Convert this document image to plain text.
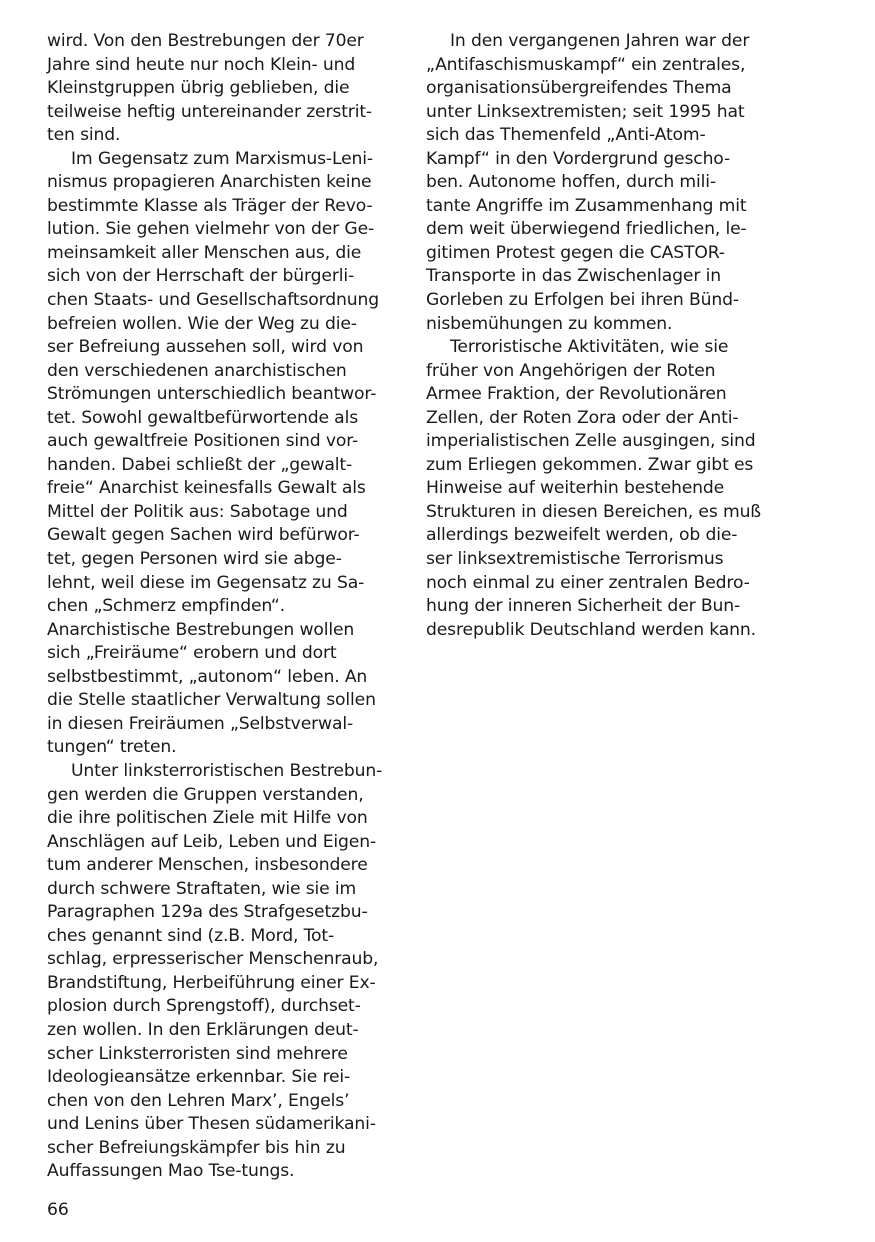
wird. Von den Bestrebungen der 70er
Jahre sind heute nur noch Klein- und
Kleinstgruppen übrig geblieben, die
teilweise heftig untereinander zerstrit-
ten sind.
Im Gegensatz zum Marxismus-Leni-
nismus propagieren Anarchisten keine
bestimmte Klasse als Träger der Revo-
lution. Sie gehen vielmehr von der Ge-
meinsamkeit aller Menschen aus, die
sich von der Herrschaft der bürgerli-
chen Staats- und Gesellschaftsordnung
befreien wollen. Wie der Weg zu die-
ser Befreiung aussehen soll, wird von
den verschiedenen anarchistischen
Strömungen unterschiedlich beantwor-
tet. Sowohl gewaltbefürwortende als
auch gewaltfreie Positionen sind vor-
handen. Dabei schließt der „gewalt-
freie“ Anarchist keinesfalls Gewalt als
Mittel der Politik aus: Sabotage und
Gewalt gegen Sachen wird befürwor-
tet, gegen Personen wird sie abge-
lehnt, weil diese im Gegensatz zu Sa-
chen „Schmerz empfinden“.
Anarchistische Bestrebungen wollen
sich „Freiräume“ erobern und dort
selbstbestimmt, „autonom“ leben. An
die Stelle staatlicher Verwaltung sollen
in diesen Freiräumen „Selbstverwal-
tungen“ treten.
Unter linksterroristischen Bestrebun-
gen werden die Gruppen verstanden,
die ihre politischen Ziele mit Hilfe von
Anschlägen auf Leib, Leben und Eigen-
tum anderer Menschen, insbesondere
durch schwere Straftaten, wie sie im
Paragraphen 129a des Strafgesetzbu-
ches genannt sind (z.B. Mord, Tot-
schlag, erpresserischer Menschenraub,
Brandstiftung, Herbeiführung einer Ex-
plosion durch Sprengstoff), durchset-
zen wollen. In den Erklärungen deut-
scher Linksterroristen sind mehrere
Ideologieansätze erkennbar. Sie rei-
chen von den Lehren Marx’, Engels’
und Lenins über Thesen südamerikani-
scher Befreiungskämpfer bis hin zu
Auffassungen Mao Tse-tungs.
In den vergangenen Jahren war der
„Antifaschismuskampf“ ein zentrales,
organisationsübergreifendes Thema
unter Linksextremisten; seit 1995 hat
sich das Themenfeld „Anti-Atom-
Kampf“ in den Vordergrund gescho-
ben. Autonome hoffen, durch mili-
tante Angriffe im Zusammenhang mit
dem weit überwiegend friedlichen, le-
gitimen Protest gegen die CASTOR-
Transporte in das Zwischenlager in
Gorleben zu Erfolgen bei ihren Bünd-
nisbemühungen zu kommen.
Terroristische Aktivitäten, wie sie
früher von Angehörigen der Roten
Armee Fraktion, der Revolutionären
Zellen, der Roten Zora oder der Anti-
imperialistischen Zelle ausgingen, sind
zum Erliegen gekommen. Zwar gibt es
Hinweise auf weiterhin bestehende
Strukturen in diesen Bereichen, es muß
allerdings bezweifelt werden, ob die-
ser linksextremistische Terrorismus
noch einmal zu einer zentralen Bedro-
hung der inneren Sicherheit der Bun-
desrepublik Deutschland werden kann.
66
